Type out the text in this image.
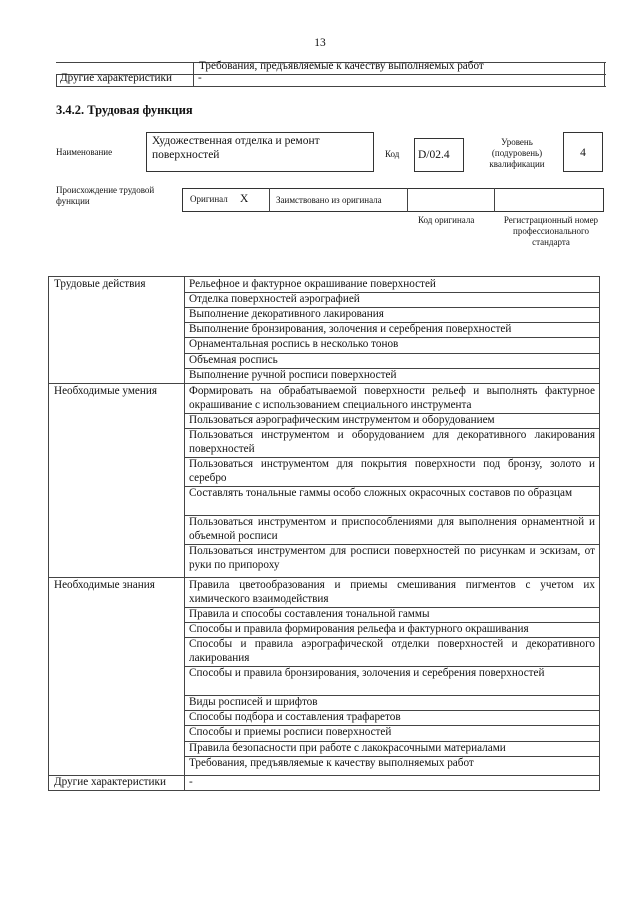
13
Требования, предъявляемые к качеству выполняемых работ
Другие характеристики -
3.4.2. Трудовая функция
Наименование
Художественная отделка и ремонт поверхностей	Код D/02.4
Уровень (подуровень) квалификации
4
Происхождение трудовой функции	Оригинал X	Заимствовано из оригинала
Код оригинала	Регистрационный номер профессионального стандарта
Трудовые действия	Рельефное и фактурное окрашивание поверхностей
Отделка поверхностей аэрографией
Выполнение декоративного лакирования
Выполнение бронзирования, золочения и серебрения поверхностей
Орнаментальная роспись в несколько тонов
Объемная роспись
Выполнение ручной росписи поверхностей
Необходимые умения	Формировать на обрабатываемой поверхности рельеф и выполнять фактурное окрашивание с использованием специального инструмента
Пользоваться аэрографическим инструментом и оборудованием
Пользоваться инструментом и оборудованием для декоративного лакирования поверхностей
Пользоваться инструментом для покрытия поверхности под бронзу, золото и серебро
Составлять тональные гаммы особо сложных окрасочных составов по образцам
Пользоваться инструментом и приспособлениями для выполнения орнаментной и объемной росписи
Пользоваться инструментом для росписи поверхностей по рисункам и эскизам, от руки по припороху
Необходимые знания	Правила цветообразования и приемы смешивания пигментов с учетом их химического взаимодействия
Правила и способы составления тональной гаммы
Способы и правила формирования рельефа и фактурного окрашивания
Способы и правила аэрографической отделки поверхностей и декоративного лакирования
Способы и правила бронзирования, золочения и серебрения поверхностей
Виды росписей и шрифтов
Способы подбора и составления трафаретов
Способы и приемы росписи поверхностей
Правила безопасности при работе с лакокрасочными материалами
Требования, предъявляемые к качеству выполняемых работ
Другие характеристики -
